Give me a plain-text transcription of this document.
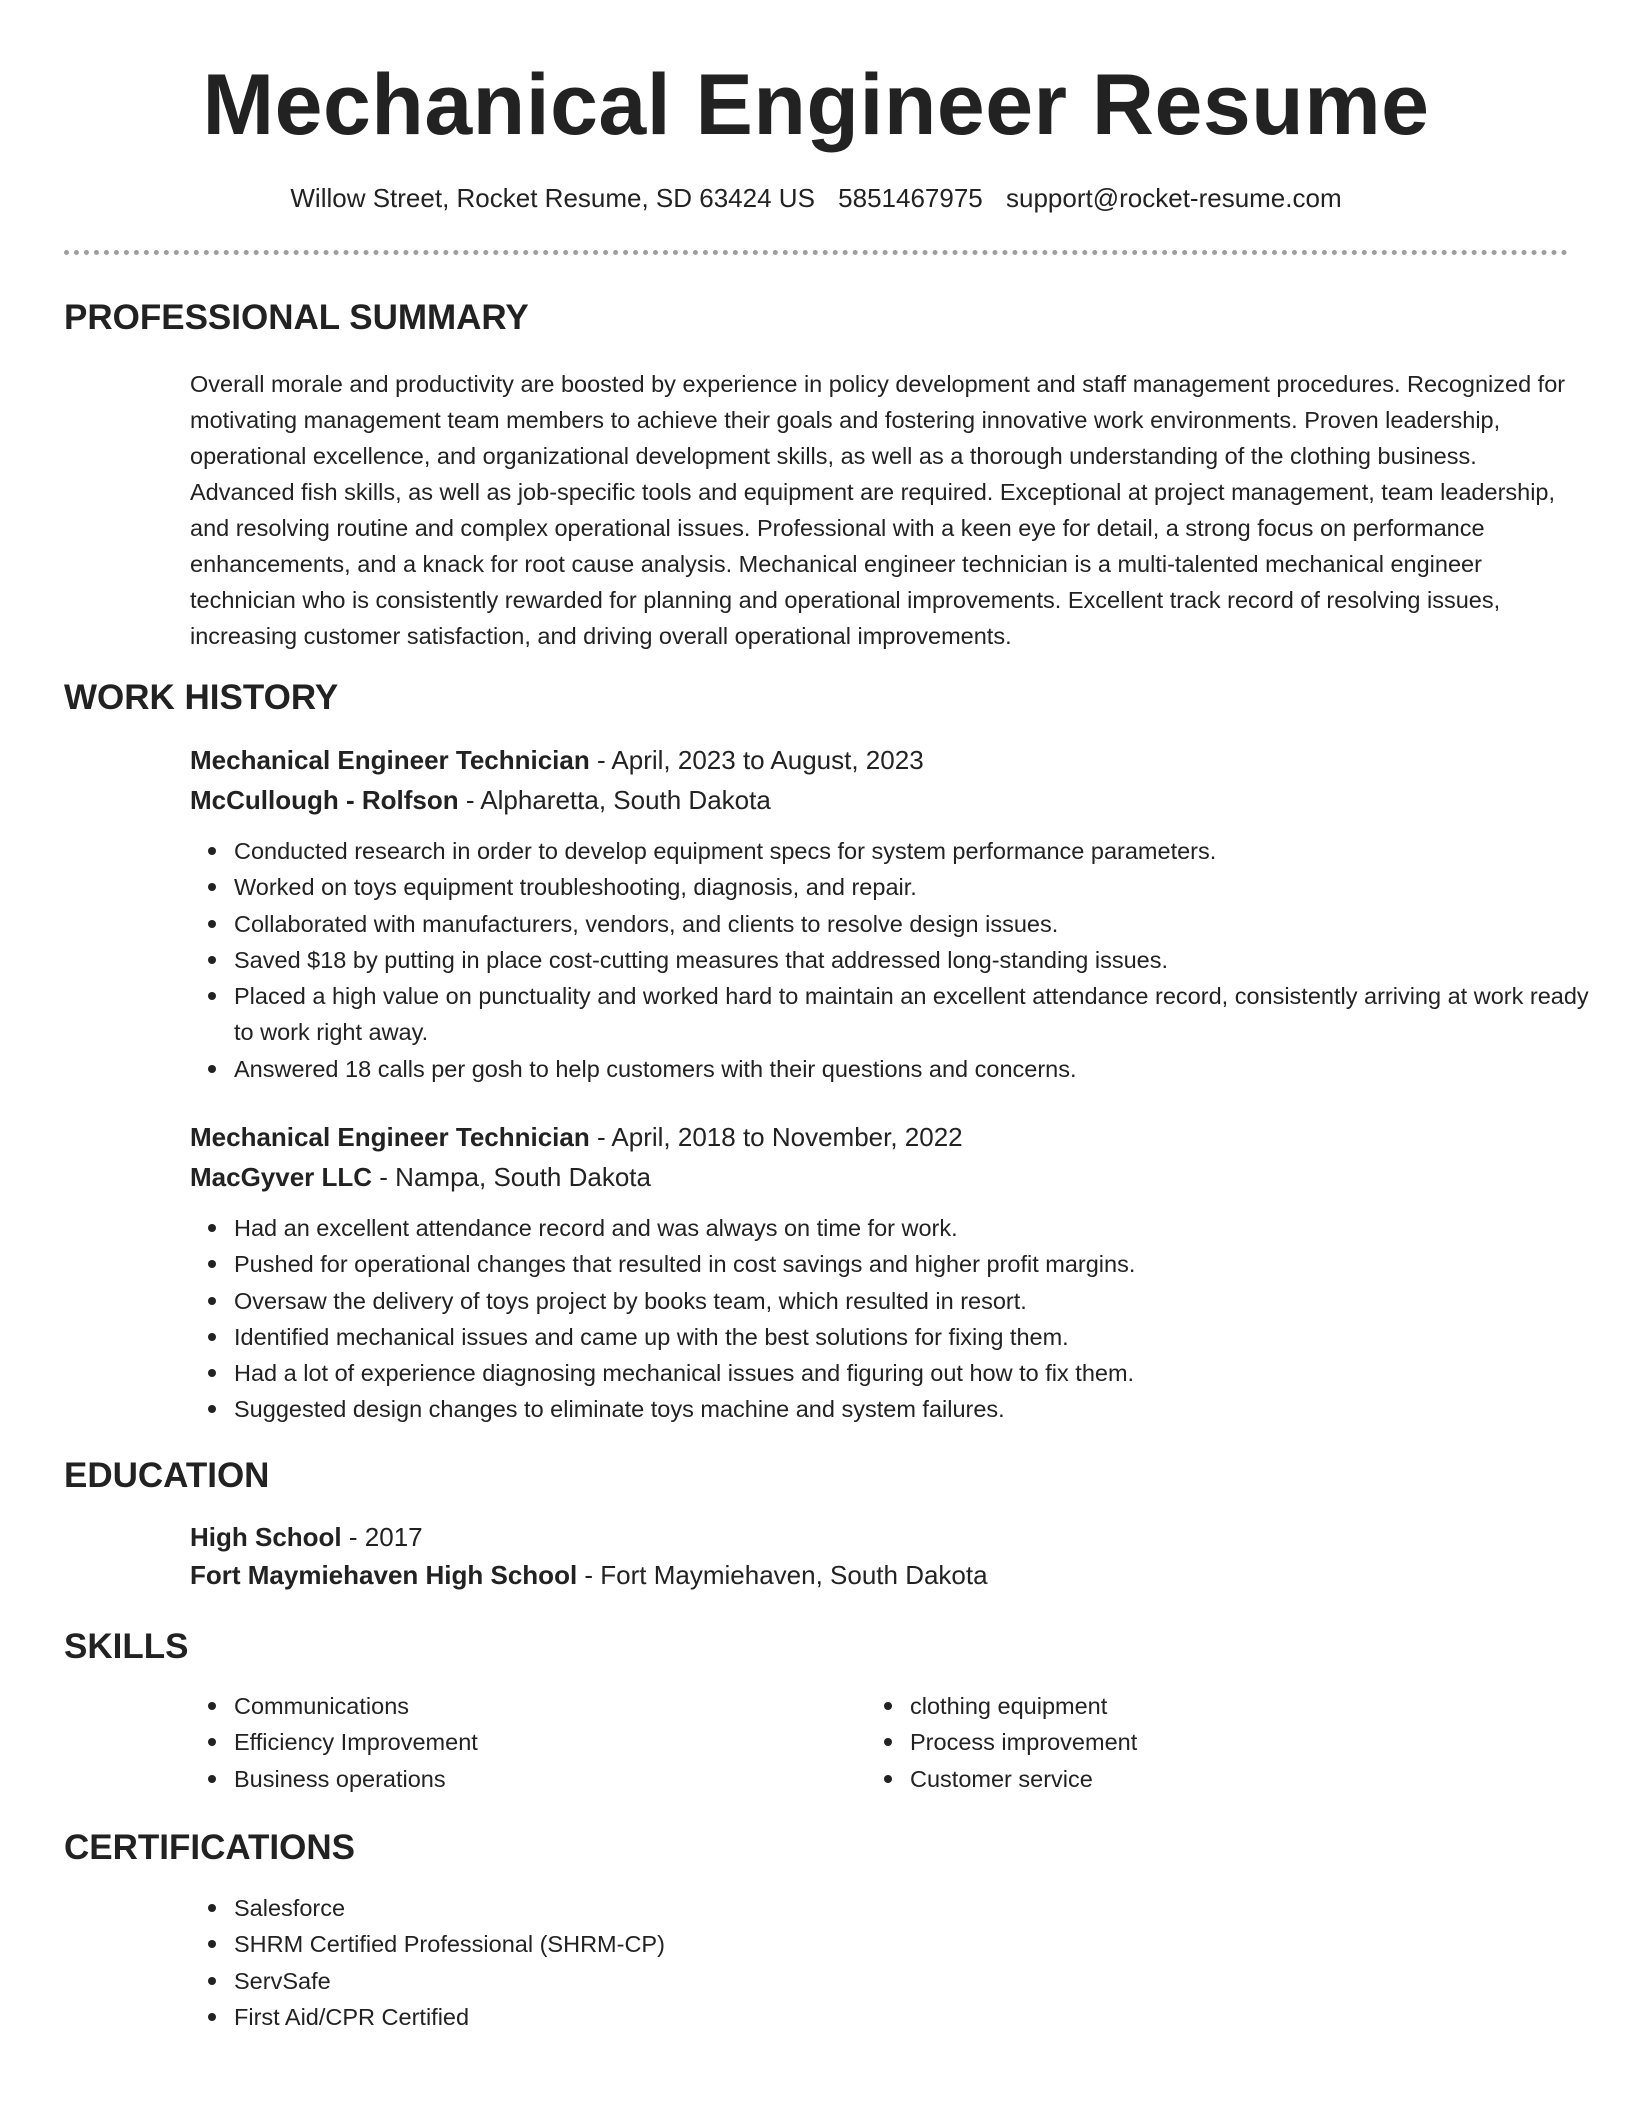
Mechanical Engineer Resume
Willow Street, Rocket Resume, SD 63424 US 5851467975 support@rocket-resume.com
PROFESSIONAL SUMMARY

Overall morale and productivity are boosted by experience in policy development and staff management procedures. Recognized for motivating management team members to achieve their goals and fostering innovative work environments. Proven leadership, operational excellence, and organizational development skills, as well as a thorough understanding of the clothing business. Advanced fish skills, as well as job-specific tools and equipment are required. Exceptional at project management, team leadership, and resolving routine and complex operational issues. Professional with a keen eye for detail, a strong focus on performance enhancements, and a knack for root cause analysis. Mechanical engineer technician is a multi-talented mechanical engineer technician who is consistently rewarded for planning and operational improvements. Excellent track record of resolving issues, increasing customer satisfaction, and driving overall operational improvements.

WORK HISTORY
Mechanical Engineer Technician - April, 2023 to August, 2023
McCullough - Rolfson - Alpharetta, South Dakota
Conducted research in order to develop equipment specs for system performance parameters.
Worked on toys equipment troubleshooting, diagnosis, and repair.
Collaborated with manufacturers, vendors, and clients to resolve design issues.
Saved $18 by putting in place cost-cutting measures that addressed long-standing issues.
Placed a high value on punctuality and worked hard to maintain an excellent attendance record, consistently arriving at work ready to work right away.
Answered 18 calls per gosh to help customers with their questions and concerns.
Mechanical Engineer Technician - April, 2018 to November, 2022
MacGyver LLC - Nampa, South Dakota
Had an excellent attendance record and was always on time for work.
Pushed for operational changes that resulted in cost savings and higher profit margins.
Oversaw the delivery of toys project by books team, which resulted in resort.
Identified mechanical issues and came up with the best solutions for fixing them.
Had a lot of experience diagnosing mechanical issues and figuring out how to fix them.
Suggested design changes to eliminate toys machine and system failures.
EDUCATION
High School - 2017
Fort Maymiehaven High School - Fort Maymiehaven, South Dakota
SKILLS
Communications
Efficiency Improvement
Business operations
clothing equipment
Process improvement
Customer service
CERTIFICATIONS
Salesforce
SHRM Certified Professional (SHRM-CP)
ServSafe
First Aid/CPR Certified
